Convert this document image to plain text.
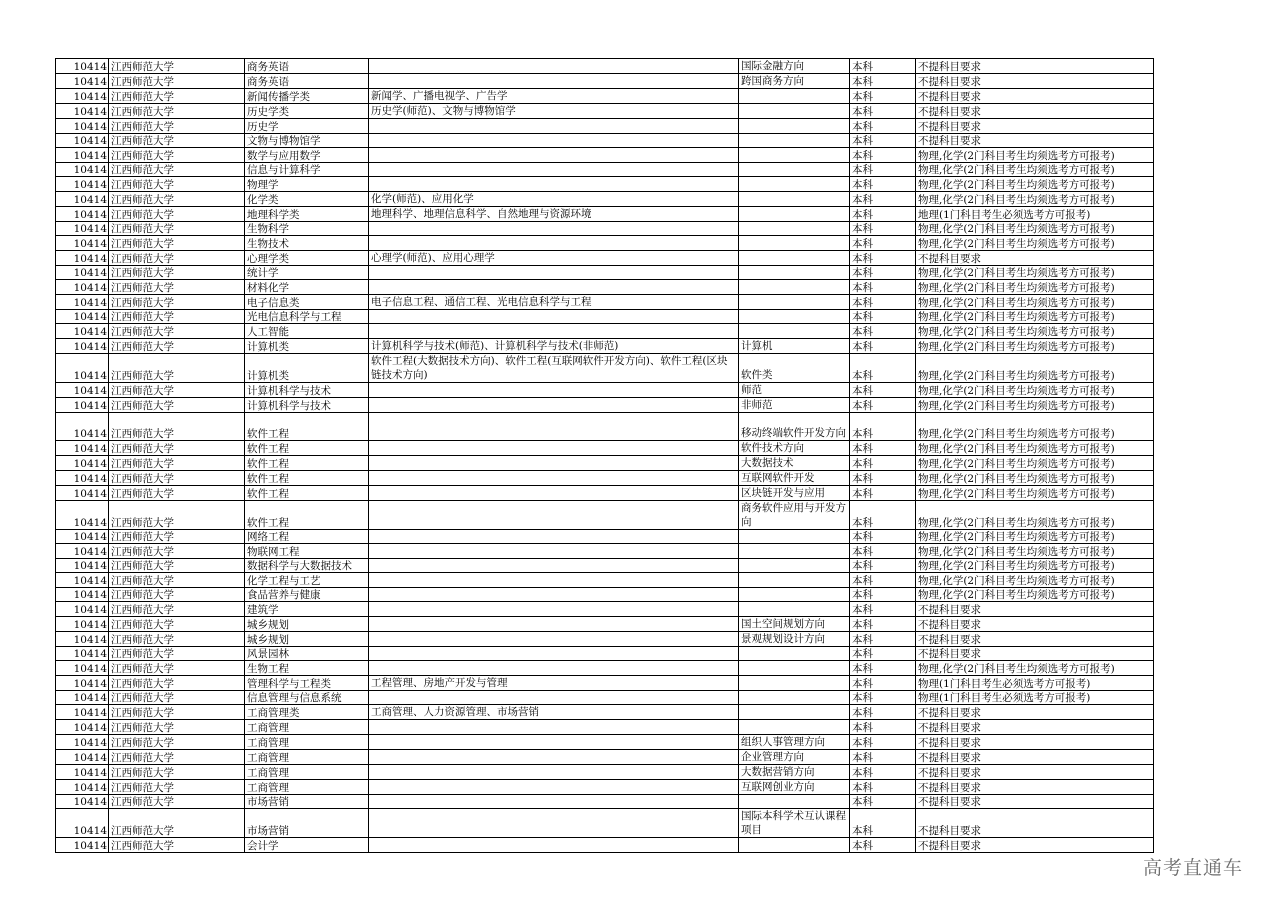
10414	江西师范大学	商务英语		国际金融方向	本科	不提科目要求
10414	江西师范大学	商务英语		跨国商务方向	本科	不提科目要求
10414	江西师范大学	新闻传播学类	新闻学、广播电视学、广告学		本科	不提科目要求
10414	江西师范大学	历史学类	历史学(师范)、文物与博物馆学		本科	不提科目要求
10414	江西师范大学	历史学			本科	不提科目要求
10414	江西师范大学	文物与博物馆学			本科	不提科目要求
10414	江西师范大学	数学与应用数学			本科	物理,化学(2门科目考生均须选考方可报考)
10414	江西师范大学	信息与计算科学			本科	物理,化学(2门科目考生均须选考方可报考)
10414	江西师范大学	物理学			本科	物理,化学(2门科目考生均须选考方可报考)
10414	江西师范大学	化学类	化学(师范)、应用化学		本科	物理,化学(2门科目考生均须选考方可报考)
10414	江西师范大学	地理科学类	地理科学、地理信息科学、自然地理与资源环境		本科	地理(1门科目考生必须选考方可报考)
10414	江西师范大学	生物科学			本科	物理,化学(2门科目考生均须选考方可报考)
10414	江西师范大学	生物技术			本科	物理,化学(2门科目考生均须选考方可报考)
10414	江西师范大学	心理学类	心理学(师范)、应用心理学		本科	不提科目要求
10414	江西师范大学	统计学			本科	物理,化学(2门科目考生均须选考方可报考)
10414	江西师范大学	材料化学			本科	物理,化学(2门科目考生均须选考方可报考)
10414	江西师范大学	电子信息类	电子信息工程、通信工程、光电信息科学与工程		本科	物理,化学(2门科目考生均须选考方可报考)
10414	江西师范大学	光电信息科学与工程			本科	物理,化学(2门科目考生均须选考方可报考)
10414	江西师范大学	人工智能			本科	物理,化学(2门科目考生均须选考方可报考)
10414	江西师范大学	计算机类	计算机科学与技术(师范)、计算机科学与技术(非师范)	计算机	本科	物理,化学(2门科目考生均须选考方可报考)
10414	江西师范大学	计算机类	软件工程(大数据技术方向)、软件工程(互联网软件开发方向)、软件工程(区块链技术方向)	软件类	本科	物理,化学(2门科目考生均须选考方可报考)
10414	江西师范大学	计算机科学与技术		师范	本科	物理,化学(2门科目考生均须选考方可报考)
10414	江西师范大学	计算机科学与技术		非师范	本科	物理,化学(2门科目考生均须选考方可报考)
10414	江西师范大学	软件工程		移动终端软件开发方向	本科	物理,化学(2门科目考生均须选考方可报考)
10414	江西师范大学	软件工程		软件技术方向	本科	物理,化学(2门科目考生均须选考方可报考)
10414	江西师范大学	软件工程		大数据技术	本科	物理,化学(2门科目考生均须选考方可报考)
10414	江西师范大学	软件工程		互联网软件开发	本科	物理,化学(2门科目考生均须选考方可报考)
10414	江西师范大学	软件工程		区块链开发与应用	本科	物理,化学(2门科目考生均须选考方可报考)
10414	江西师范大学	软件工程		商务软件应用与开发方向	本科	物理,化学(2门科目考生均须选考方可报考)
10414	江西师范大学	网络工程			本科	物理,化学(2门科目考生均须选考方可报考)
10414	江西师范大学	物联网工程			本科	物理,化学(2门科目考生均须选考方可报考)
10414	江西师范大学	数据科学与大数据技术			本科	物理,化学(2门科目考生均须选考方可报考)
10414	江西师范大学	化学工程与工艺			本科	物理,化学(2门科目考生均须选考方可报考)
10414	江西师范大学	食品营养与健康			本科	物理,化学(2门科目考生均须选考方可报考)
10414	江西师范大学	建筑学			本科	不提科目要求
10414	江西师范大学	城乡规划		国土空间规划方向	本科	不提科目要求
10414	江西师范大学	城乡规划		景观规划设计方向	本科	不提科目要求
10414	江西师范大学	风景园林			本科	不提科目要求
10414	江西师范大学	生物工程			本科	物理,化学(2门科目考生均须选考方可报考)
10414	江西师范大学	管理科学与工程类	工程管理、房地产开发与管理		本科	物理(1门科目考生必须选考方可报考)
10414	江西师范大学	信息管理与信息系统			本科	物理(1门科目考生必须选考方可报考)
10414	江西师范大学	工商管理类	工商管理、人力资源管理、市场营销		本科	不提科目要求
10414	江西师范大学	工商管理			本科	不提科目要求
10414	江西师范大学	工商管理		组织人事管理方向	本科	不提科目要求
10414	江西师范大学	工商管理		企业管理方向	本科	不提科目要求
10414	江西师范大学	工商管理		大数据营销方向	本科	不提科目要求
10414	江西师范大学	工商管理		互联网创业方向	本科	不提科目要求
10414	江西师范大学	市场营销			本科	不提科目要求
10414	江西师范大学	市场营销		国际本科学术互认课程项目	本科	不提科目要求
10414	江西师范大学	会计学			本科	不提科目要求
高考直通车
